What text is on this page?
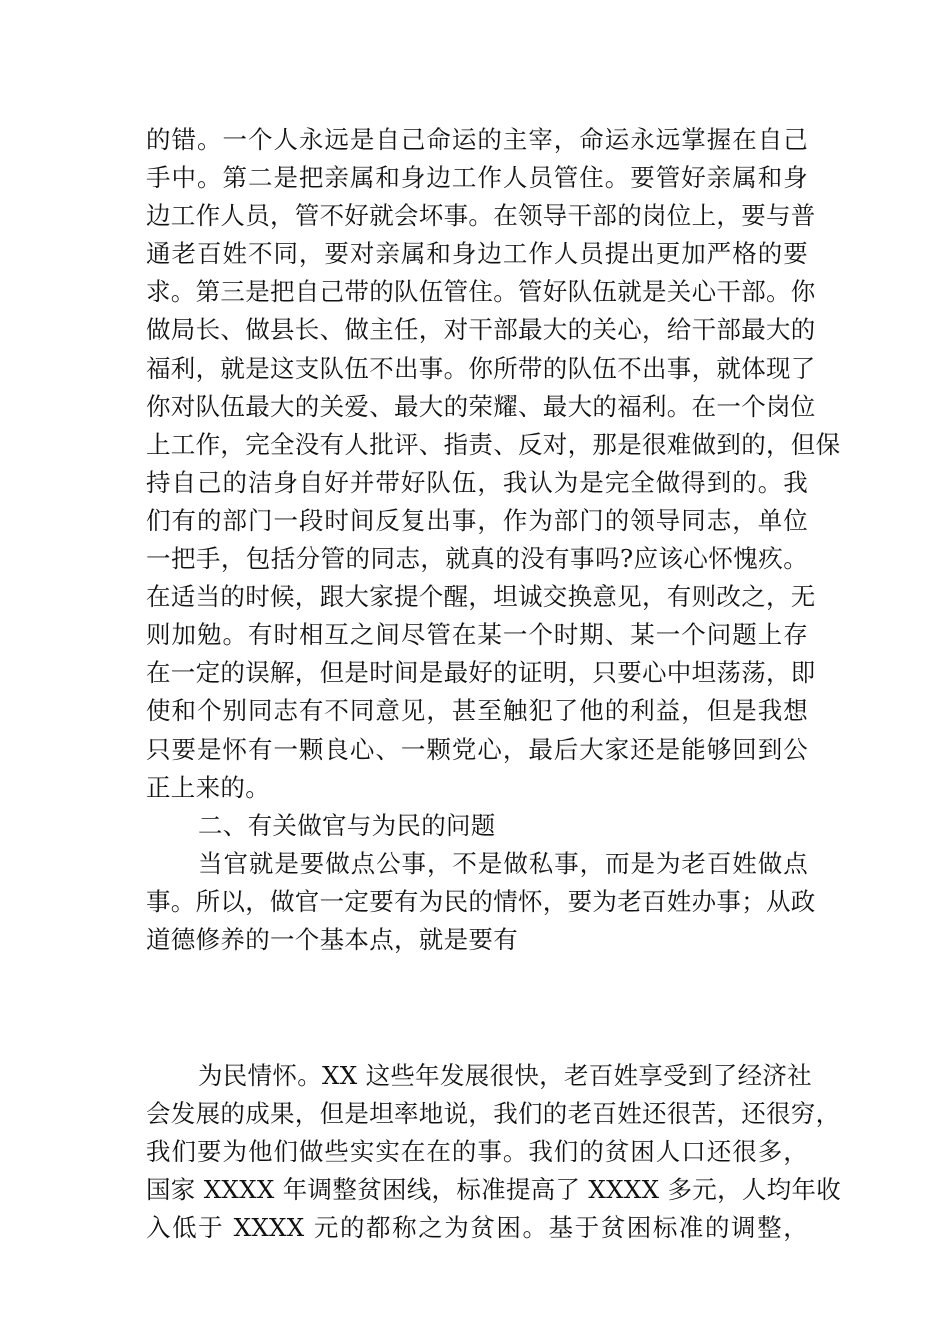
的错。一个人永远是自己命运的主宰，命运永远掌握在自己
手中。第二是把亲属和身边工作人员管住。要管好亲属和身
边工作人员，管不好就会坏事。在领导干部的岗位上，要与普
通老百姓不同，要对亲属和身边工作人员提出更加严格的要
求。第三是把自己带的队伍管住。管好队伍就是关心干部。你
做局长、做县长、做主任，对干部最大的关心，给干部最大的
福利，就是这支队伍不出事。你所带的队伍不出事，就体现了
你对队伍最大的关爱、最大的荣耀、最大的福利。在一个岗位
上工作，完全没有人批评、指责、反对，那是很难做到的，但保
持自己的洁身自好并带好队伍，我认为是完全做得到的。我
们有的部门一段时间反复出事，作为部门的领导同志，单位
一把手，包括分管的同志，就真的没有事吗?应该心怀愧疚。
在适当的时候，跟大家提个醒，坦诚交换意见，有则改之，无
则加勉。有时相互之间尽管在某一个时期、某一个问题上存
在一定的误解，但是时间是最好的证明，只要心中坦荡荡，即
使和个别同志有不同意见，甚至触犯了他的利益，但是我想
只要是怀有一颗良心、一颗党心，最后大家还是能够回到公
正上来的。
二、有关做官与为民的问题
当官就是要做点公事，不是做私事，而是为老百姓做点
事。所以，做官一定要有为民的情怀，要为老百姓办事；从政
道德修养的一个基本点，就是要有
为民情怀。XX 这些年发展很快，老百姓享受到了经济社
会发展的成果，但是坦率地说，我们的老百姓还很苦，还很穷，
我们要为他们做些实实在在的事。我们的贫困人口还很多，
国家 XXXX 年调整贫困线，标准提高了 XXXX 多元，人均年收
入低于 XXXX 元的都称之为贫困。基于贫困标准的调整，
